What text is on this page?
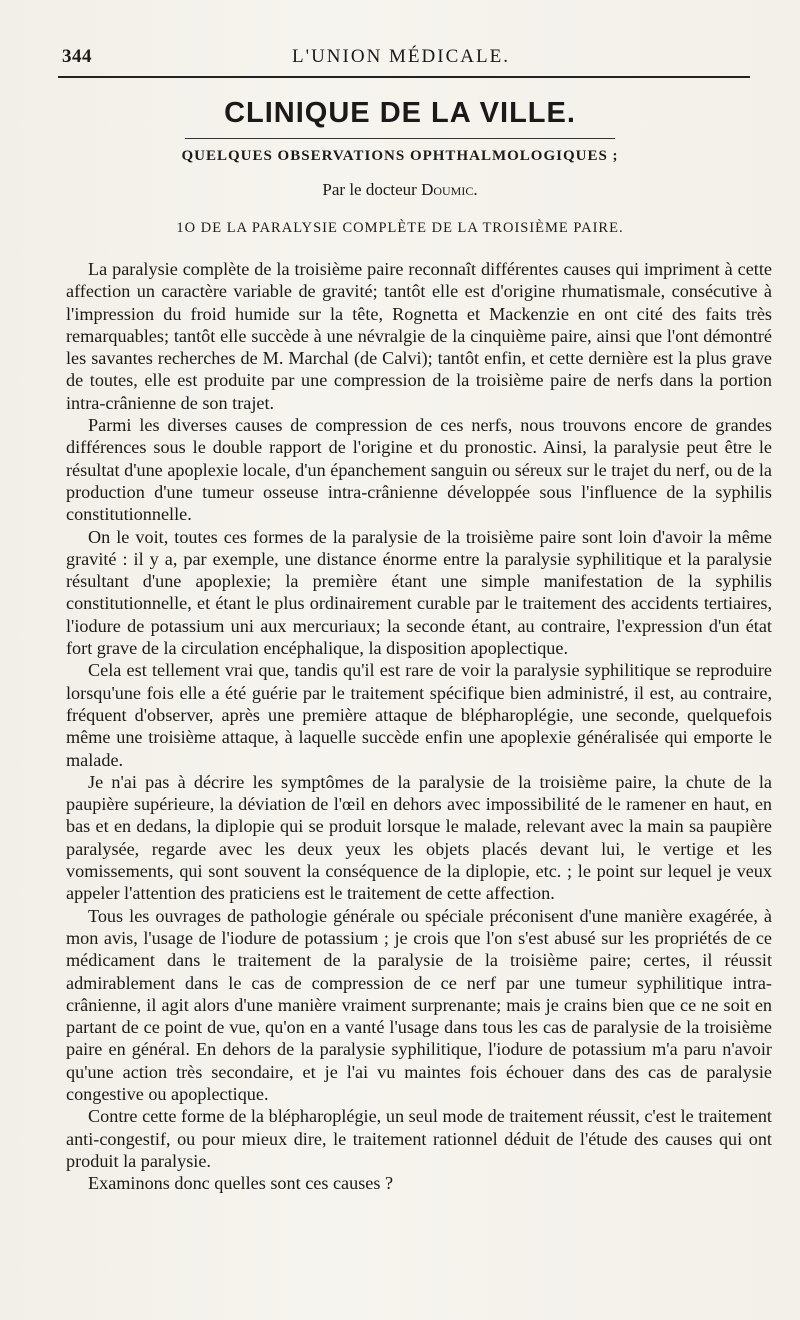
344	L'UNION MÉDICALE.
CLINIQUE DE LA VILLE.
QUELQUES OBSERVATIONS OPHTHALMOLOGIQUES ;
Par le docteur Doumic.
1O DE LA PARALYSIE COMPLÈTE DE LA TROISIÈME PAIRE.

La paralysie complète de la troisième paire reconnaît différentes causes qui impriment à cette affection un caractère variable de gravité; tantôt elle est d'origine rhumatismale, consécutive à l'impression du froid humide sur la tête, Rognetta et Mackenzie en ont cité des faits très remarquables; tantôt elle succède à une névralgie de la cinquième paire, ainsi que l'ont démontré les savantes recherches de M. Marchal (de Calvi); tantôt enfin, et cette dernière est la plus grave de toutes, elle est produite par une compression de la troisième paire de nerfs dans la portion intra-crânienne de son trajet.

Parmi les diverses causes de compression de ces nerfs, nous trouvons encore de grandes différences sous le double rapport de l'origine et du pronostic. Ainsi, la paralysie peut être le résultat d'une apoplexie locale, d'un épanchement sanguin ou séreux sur le trajet du nerf, ou de la production d'une tumeur osseuse intra-crânienne développée sous l'influence de la syphilis constitutionnelle.

On le voit, toutes ces formes de la paralysie de la troisième paire sont loin d'avoir la même gravité : il y a, par exemple, une distance énorme entre la paralysie syphilitique et la paralysie résultant d'une apoplexie; la première étant une simple manifestation de la syphilis constitutionnelle, et étant le plus ordinairement curable par le traitement des accidents tertiaires, l'iodure de potassium uni aux mercuriaux; la seconde étant, au contraire, l'expression d'un état fort grave de la circulation encéphalique, la disposition apoplectique.

Cela est tellement vrai que, tandis qu'il est rare de voir la paralysie syphilitique se reproduire lorsqu'une fois elle a été guérie par le traitement spécifique bien administré, il est, au contraire, fréquent d'observer, après une première attaque de blépharoplégie, une seconde, quelquefois même une troisième attaque, à laquelle succède enfin une apoplexie généralisée qui emporte le malade.

Je n'ai pas à décrire les symptômes de la paralysie de la troisième paire, la chute de la paupière supérieure, la déviation de l'œil en dehors avec impossibilité de le ramener en haut, en bas et en dedans, la diplopie qui se produit lorsque le malade, relevant avec la main sa paupière paralysée, regarde avec les deux yeux les objets placés devant lui, le vertige et les vomissements, qui sont souvent la conséquence de la diplopie, etc. ; le point sur lequel je veux appeler l'attention des praticiens est le traitement de cette affection.

Tous les ouvrages de pathologie générale ou spéciale préconisent d'une manière exagérée, à mon avis, l'usage de l'iodure de potassium ; je crois que l'on s'est abusé sur les propriétés de ce médicament dans le traitement de la paralysie de la troisième paire; certes, il réussit admirablement dans le cas de compression de ce nerf par une tumeur syphilitique intra-crânienne, il agit alors d'une manière vraiment surprenante; mais je crains bien que ce ne soit en partant de ce point de vue, qu'on en a vanté l'usage dans tous les cas de paralysie de la troisième paire en général. En dehors de la paralysie syphilitique, l'iodure de potassium m'a paru n'avoir qu'une action très secondaire, et je l'ai vu maintes fois échouer dans des cas de paralysie congestive ou apoplectique.

Contre cette forme de la blépharoplégie, un seul mode de traitement réussit, c'est le traitement anti-congestif, ou pour mieux dire, le traitement rationnel déduit de l'étude des causes qui ont produit la paralysie.

Examinons donc quelles sont ces causes ?
